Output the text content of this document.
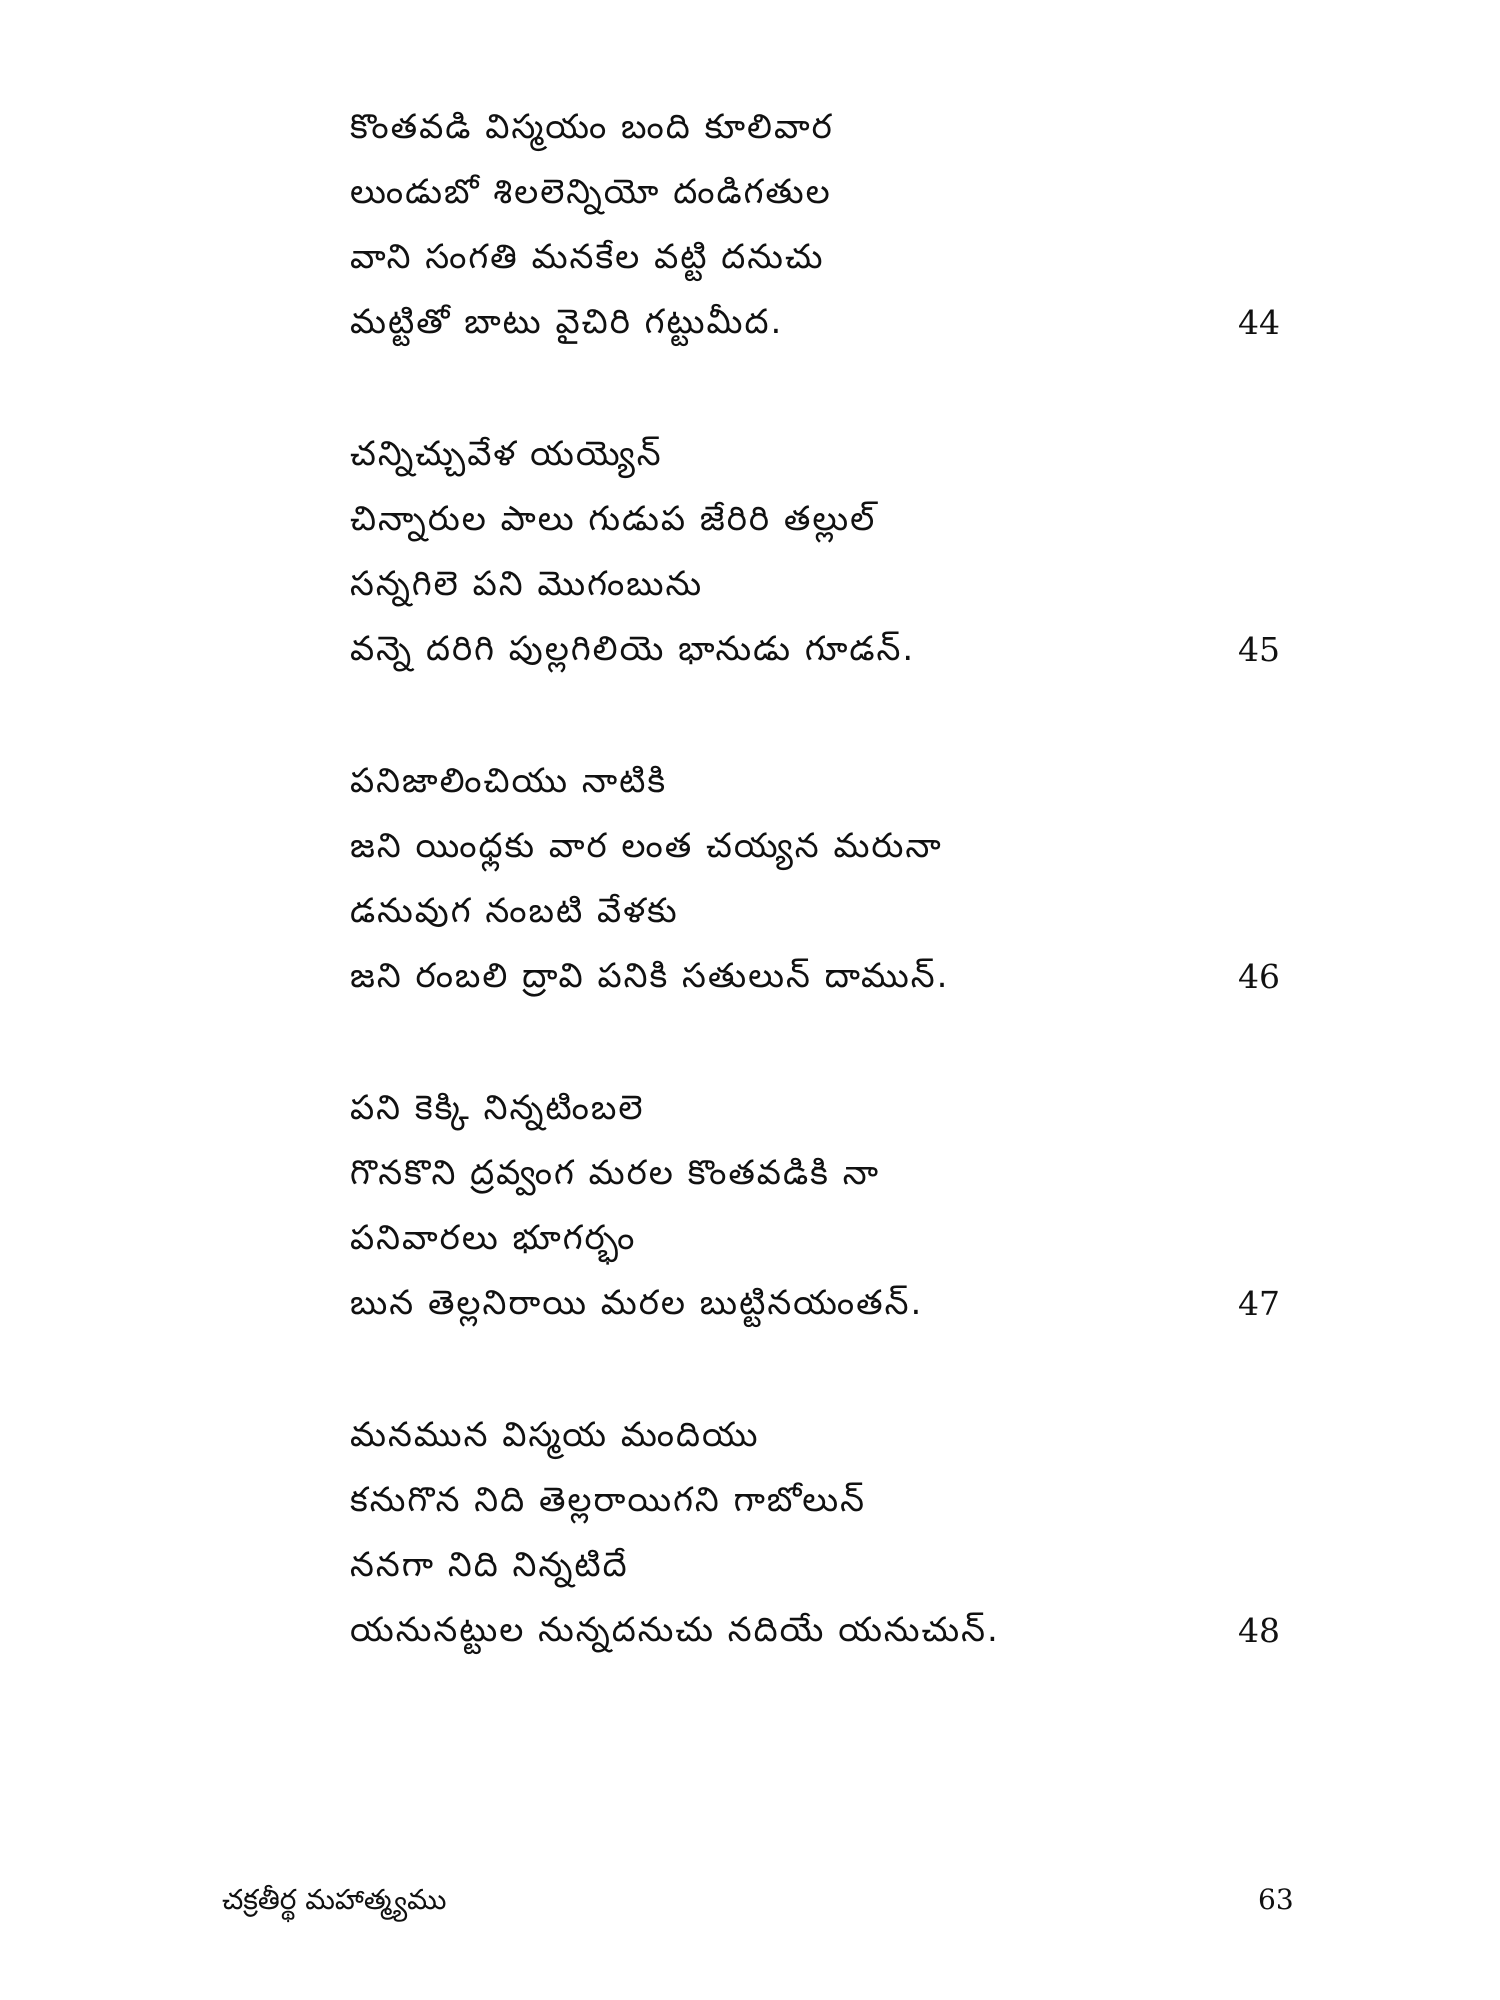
కొంతవడి విస్మయం బంది కూలివార
లుండుబో శిలలెన్నియో దండిగతుల
వాని సంగతి మనకేల వట్టి దనుచు
మట్టితో బాటు వైచిరి గట్టుమీద.	44
చన్నిచ్చువేళ యయ్యెన్
చిన్నారుల పాలు గుడుప జేరిరి తల్లుల్
సన్నగిలె పని మొగంబును
వన్నె దరిగి పుల్లగిలియె భానుడు గూడన్.	45
పనిజాలించియు నాటికి
జని యింధ్లకు వార లంత చయ్యన మరునా
డనువుగ నంబటి వేళకు
జని రంబలి ద్రావి పనికి సతులున్ దామున్.	46
పని కెక్కి నిన్నటింబలె
గొనకొని ద్రవ్వంగ మరల కొంతవడికి నా
పనివారలు భూగర్భం
బున తెల్లనిరాయి మరల బుట్టినయంతన్.	47
మనమున విస్మయ మందియు
కనుగొన నిది తెల్లరాయిగని గాబోలున్
ననగా నిది నిన్నటిదే
యనునట్టుల నున్నదనుచు నదియే యనుచున్.	48
చక్రతీర్థ మహాత్మ్యము	63
